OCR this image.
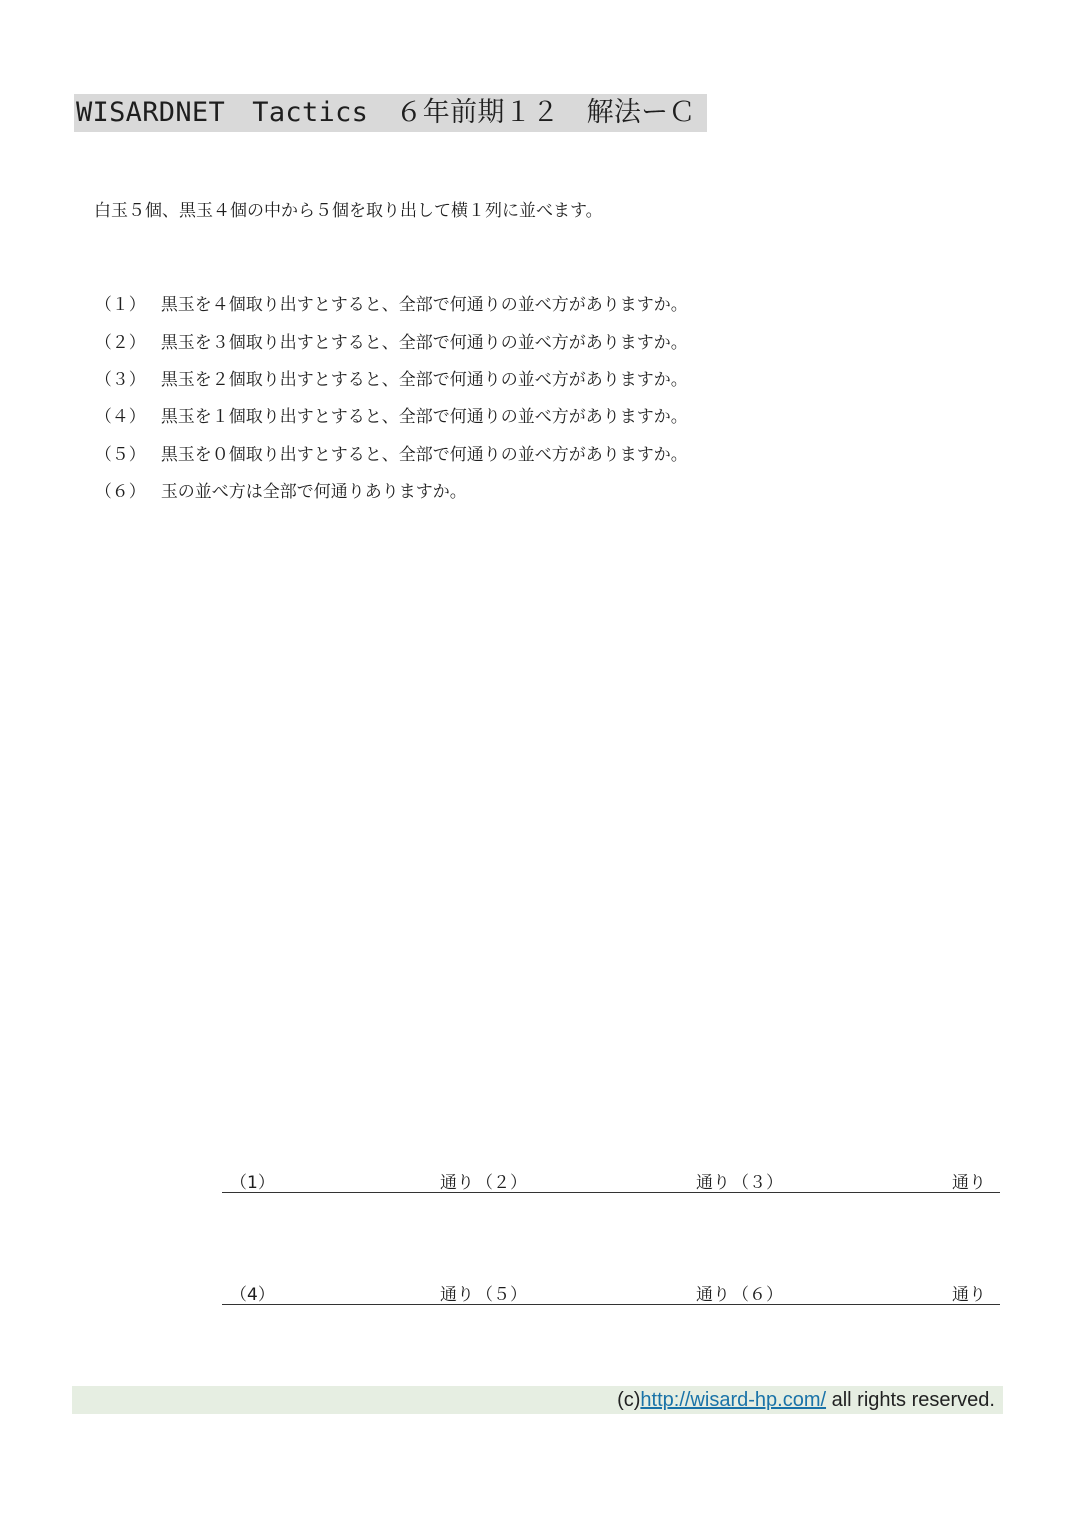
WISARDNET　Tactics　６年前期１２　解法ーＣ
白玉５個、黒玉４個の中から５個を取り出して横１列に並べます。

（１） 黒玉を４個取り出すとすると、全部で何通りの並べ方がありますか。

（２） 黒玉を３個取り出すとすると、全部で何通りの並べ方がありますか。

（３） 黒玉を２個取り出すとすると、全部で何通りの並べ方がありますか。

（４） 黒玉を１個取り出すとすると、全部で何通りの並べ方がありますか。

（５） 黒玉を０個取り出すとすると、全部で何通りの並べ方がありますか。

（６） 玉の並べ方は全部で何通りありますか。

（1）	通り （２）	通り （３）	通り
（4）	通り （５）	通り （６）	通り
(c)http://wisard-hp.com/ all rights reserved.
